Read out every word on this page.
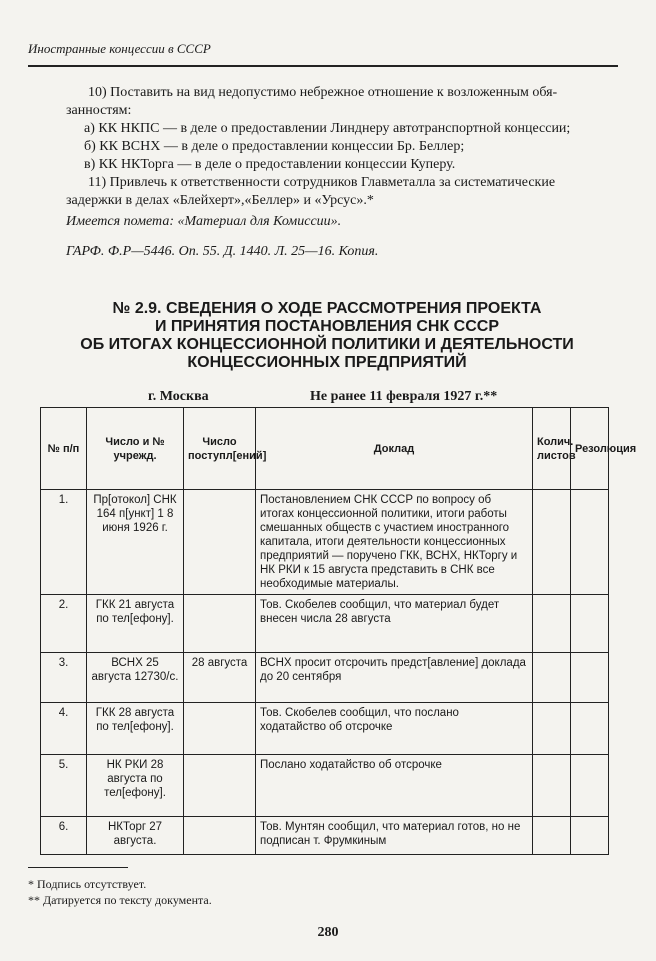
Иностранные концессии в СССР
10) Поставить на вид недопустимо небрежное отношение к возложенным обя-
занностям:
а) КК НКПС — в деле о предоставлении Линднеру автотранспортной концессии;
б) КК ВСНХ — в деле о предоставлении концессии Бр. Беллер;
в) КК НКТорга — в деле о предоставлении концессии Куперу.
11) Привлечь к ответственности сотрудников Главметалла за систематические
задержки в делах «Блейхерт»,«Беллер» и «Урсус».*
Имеется помета: «Материал для Комиссии».
ГАРФ. Ф.Р—5446. Оп. 55. Д. 1440. Л. 25—16. Копия.
№ 2.9. СВЕДЕНИЯ О ХОДЕ РАССМОТРЕНИЯ ПРОЕКТА
И ПРИНЯТИЯ ПОСТАНОВЛЕНИЯ СНК СССР
ОБ ИТОГАХ КОНЦЕССИОННОЙ ПОЛИТИКИ И ДЕЯТЕЛЬНОСТИ
КОНЦЕССИОННЫХ ПРЕДПРИЯТИЙ
г. Москва	Не ранее 11 февраля 1927 г.**
№ п/п	Число и № учрежд.	Число поступл[ений]	Доклад	Колич. листов	Резолюция
1.	Пр[отокол] СНК 164 п[ункт] 1 8 июня 1926 г.		Постановлением СНК СССР по вопросу об итогах концессионной политики, итоги работы смешанных обществ с участием иностранного капитала, итоги деятельности концессионных предприятий — поручено ГКК, ВСНХ, НКТоргу и НК РКИ к 15 августа представить в СНК все необходимые материалы.		
2.	ГКК 21 августа по тел[ефону].		Тов. Скобелев сообщил, что материал будет внесен числа 28 августа		
3.	ВСНХ 25 августа 12730/с.	28 августа	ВСНХ просит отсрочить предст[авление] доклада до 20 сентября		
4.	ГКК 28 августа по тел[ефону].		Тов. Скобелев сообщил, что послано ходатайство об отсрочке		
5.	НК РКИ 28 августа по тел[ефону].		Послано ходатайство об отсрочке		
6.	НКТорг 27 августа.		Тов. Мунтян сообщил, что материал готов, но не подписан т. Фрумкиным		
* Подпись отсутствует.
** Датируется по тексту документа.
280
